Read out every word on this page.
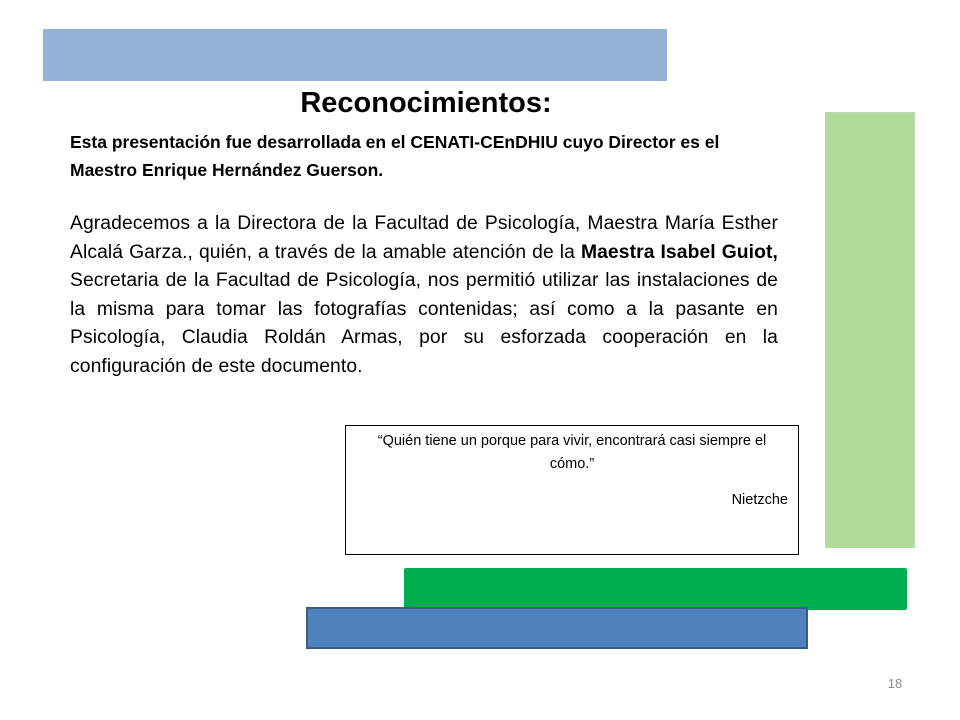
Reconocimientos:
Esta presentación fue desarrollada en el CENATI-CEnDHIU cuyo Director es el Maestro Enrique Hernández Guerson.
Agradecemos a la Directora de la Facultad de Psicología, Maestra María Esther Alcalá Garza., quién, a través de la amable atención de la Maestra Isabel Guiot, Secretaria de la Facultad de Psicología, nos permitió utilizar las instalaciones de la misma para tomar las fotografías contenidas; así como a la pasante en Psicología, Claudia Roldán Armas, por su esforzada cooperación en la configuración de este documento.
“Quién tiene un porque para vivir, encontrará casi siempre el cómo.”
Nietzche
18
